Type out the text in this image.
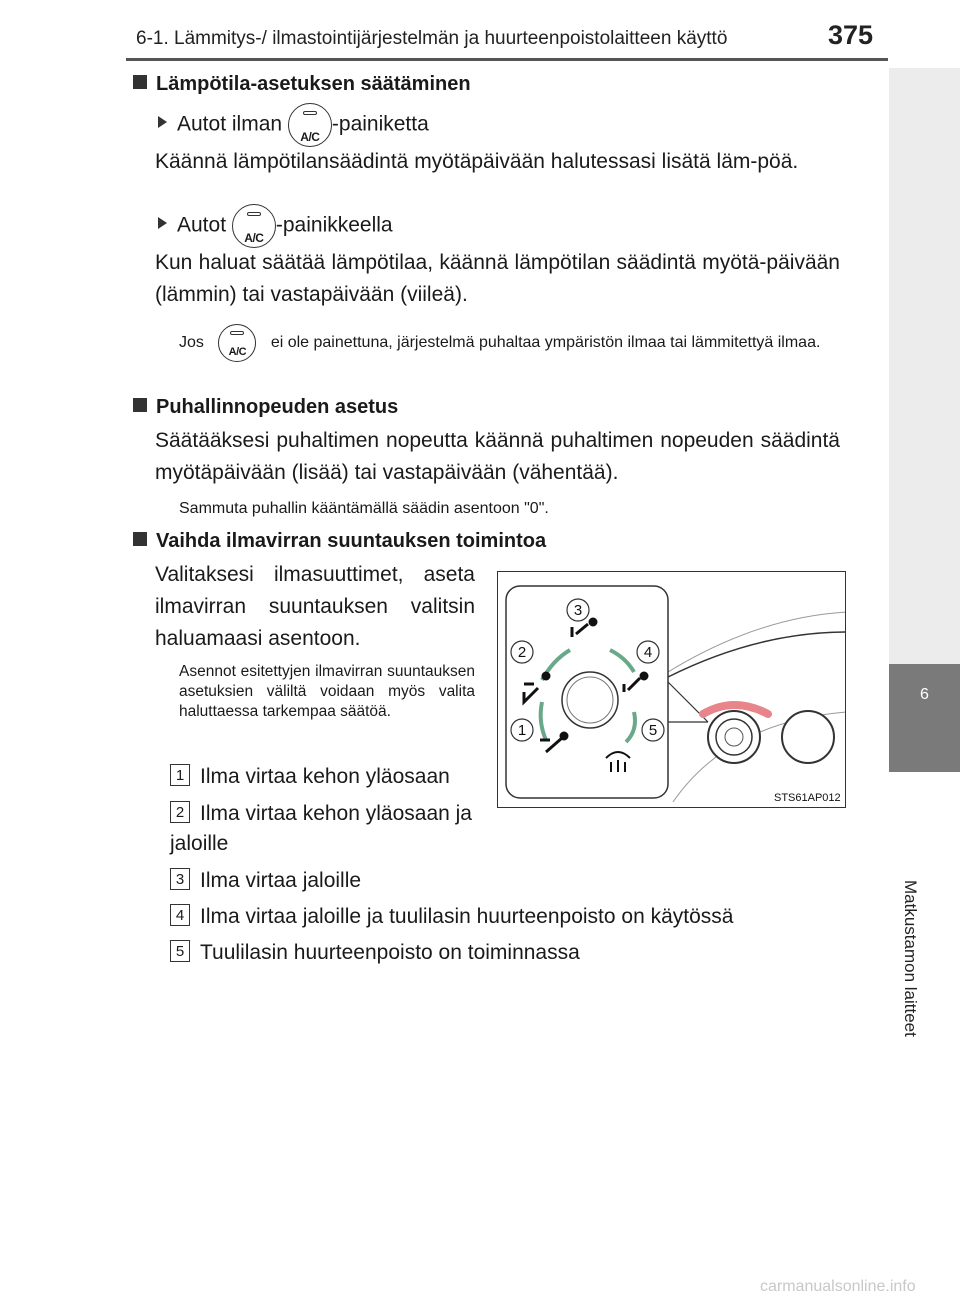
6-1. Lämmitys-/ ilmastointijärjestelmän ja huurteenpoistolaitteen käyttö	375
6
Matkustamon laitteet
Lämpötila-asetuksen säätäminen
Autot ilman
A/C
-painiketta
Käännä lämpötilansäädintä myötäpäivään halutessasi lisätä läm-pöä.
Autot
A/C
-painikkeella
Kun haluat säätää lämpötilaa, käännä lämpötilan säädintä myötä-päivään (lämmin) tai vastapäivään (viileä).
Jos
A/C
ei ole painettuna, järjestelmä puhaltaa ympäristön ilmaa tai lämmitettyä ilmaa.
Puhallinnopeuden asetus
Säätääksesi puhaltimen nopeutta käännä puhaltimen nopeuden säädintä myötäpäivään (lisää) tai vastapäivään (vähentää).
Sammuta puhallin kääntämällä säädin asentoon "0".
Vaihda ilmavirran suuntauksen toimintoa
Valitaksesi ilmasuuttimet, aseta ilmavirran suuntauksen valitsin haluamaasi asentoon.
Asennot esitettyjen ilmavirran suuntauksen asetuksien väliltä voidaan myös valita haluttaessa tarkempaa säätöä.
1 Ilma virtaa kehon yläosaan
2 Ilma virtaa kehon yläosaan ja jaloille
3 Ilma virtaa jaloille
4 Ilma virtaa jaloille ja tuulilasin huurteenpoisto on käytössä
5 Tuulilasin huurteenpoisto on toiminnassa
3
2	4
1	5
STS61AP012
carmanualsonline.info
